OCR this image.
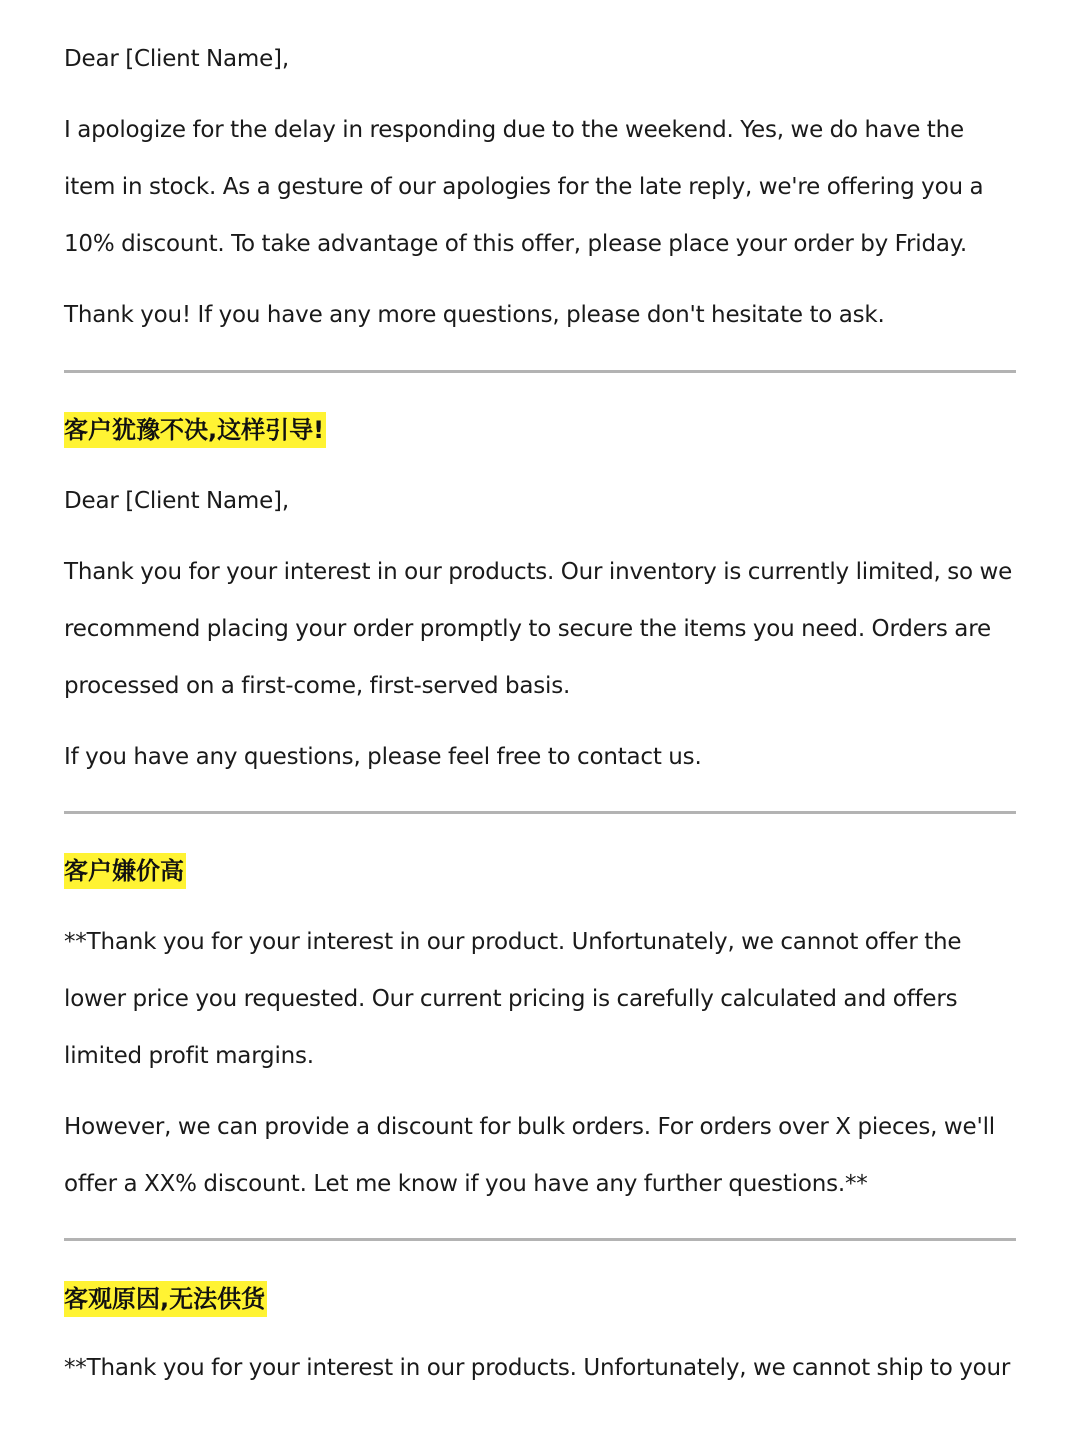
Dear [Client Name],

I apologize for the delay in responding due to the weekend. Yes, we do have the item in stock. As a gesture of our apologies for the late reply, we're offering you a 10% discount. To take advantage of this offer, please place your order by Friday.

Thank you! If you have any more questions, please don't hesitate to ask.

客户犹豫不决,这样引导!

Dear [Client Name],

Thank you for your interest in our products. Our inventory is currently limited, so we recommend placing your order promptly to secure the items you need. Orders are processed on a first-come, first-served basis.

If you have any questions, please feel free to contact us.

客户嫌价高

**Thank you for your interest in our product. Unfortunately, we cannot offer the lower price you requested. Our current pricing is carefully calculated and offers limited profit margins.

However, we can provide a discount for bulk orders. For orders over X pieces, we'll offer a XX% discount. Let me know if you have any further questions.**

客观原因,无法供货

**Thank you for your interest in our products. Unfortunately, we cannot ship to your
